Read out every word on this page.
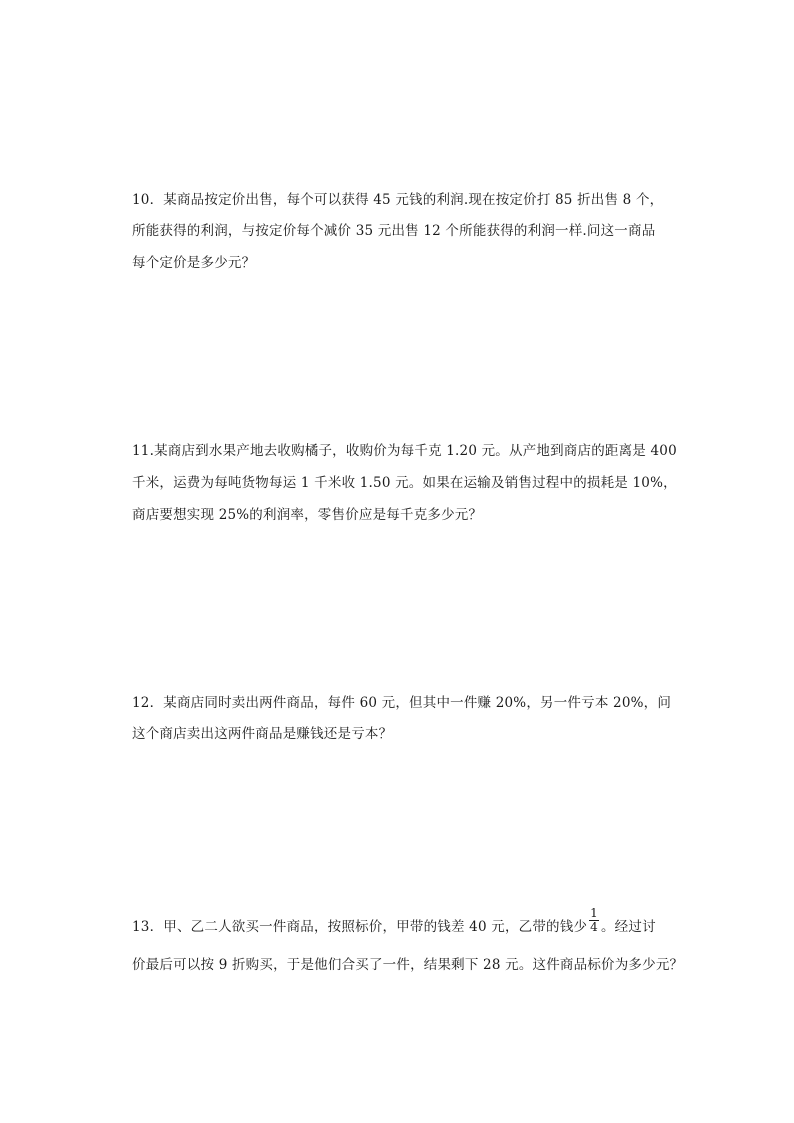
10．某商品按定价出售，每个可以获得 45 元钱的利润.现在按定价打 85 折出售 8 个，
所能获得的利润，与按定价每个减价 35 元出售 12 个所能获得的利润一样.问这一商品
每个定价是多少元？
11.某商店到水果产地去收购橘子，收购价为每千克 1.20 元。从产地到商店的距离是 400
千米，运费为每吨货物每运 1 千米收 1.50 元。如果在运输及销售过程中的损耗是 10%，
商店要想实现 25%的利润率，零售价应是每千克多少元？
12．某商店同时卖出两件商品，每件 60 元，但其中一件赚 20%，另一件亏本 20%，问
这个商店卖出这两件商品是赚钱还是亏本？
13．甲、乙二人欲买一件商品，按照标价，甲带的钱差 40 元，乙带的钱少 $\frac{1}{4}$ 。经过讨
价最后可以按 9 折购买，于是他们合买了一件，结果剩下 28 元。这件商品标价为多少元？
